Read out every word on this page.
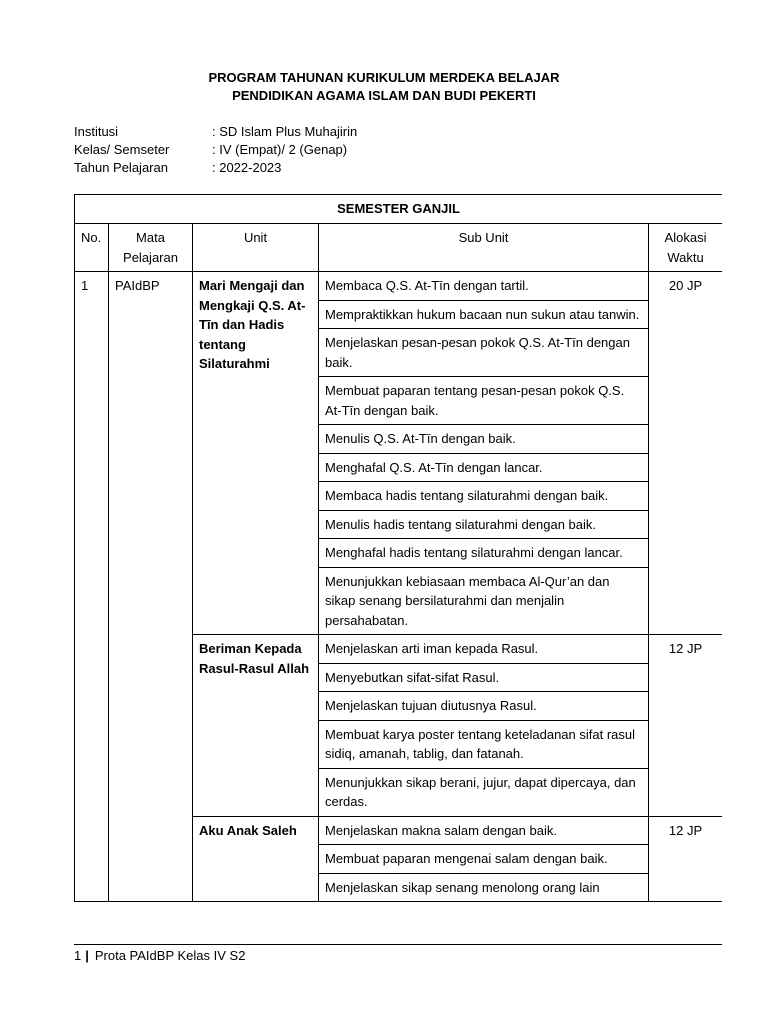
PROGRAM TAHUNAN KURIKULUM MERDEKA BELAJAR
PENDIDIKAN AGAMA ISLAM DAN BUDI PEKERTI
Institusi	: SD Islam Plus Muhajirin
Kelas/ Semseter	: IV (Empat)/ 2 (Genap)
Tahun Pelajaran	: 2022-2023
SEMESTER GANJIL				
No.	Mata Pelajaran	Unit	Sub Unit	Alokasi Waktu
1	PAIdBP	Mari Mengaji dan Mengkaji Q.S. At-Tīn dan Hadis tentang Silaturahmi	Membaca Q.S. At-Tīn dengan tartil.	20 JP
			Mempraktikkan hukum bacaan nun sukun atau tanwin.	
			Menjelaskan pesan-pesan pokok Q.S. At-Tīn dengan baik.	
			Membuat paparan tentang pesan-pesan pokok Q.S. At-Tīn dengan baik.	
			Menulis Q.S. At-Tīn dengan baik.	
			Menghafal Q.S. At-Tīn dengan lancar.	
			Membaca hadis tentang silaturahmi dengan baik.	
			Menulis hadis tentang silaturahmi dengan baik.	
			Menghafal hadis tentang silaturahmi dengan lancar.	
			Menunjukkan kebiasaan membaca Al-Qur’an dan sikap senang bersilaturahmi dan menjalin persahabatan.	
		Beriman Kepada Rasul-Rasul Allah	Menjelaskan arti iman kepada Rasul.	12 JP
			Menyebutkan sifat-sifat Rasul.	
			Menjelaskan tujuan diutusnya Rasul.	
			Membuat karya poster tentang keteladanan sifat rasul sidiq, amanah, tablig, dan fatanah.	
			Menunjukkan sikap berani, jujur, dapat dipercaya, dan cerdas.	
		Aku Anak Saleh	Menjelaskan makna salam dengan baik.	12 JP
			Membuat paparan mengenai salam dengan baik.	
			Menjelaskan sikap senang menolong orang lain	
1 | Prota PAIdBP Kelas IV S2
